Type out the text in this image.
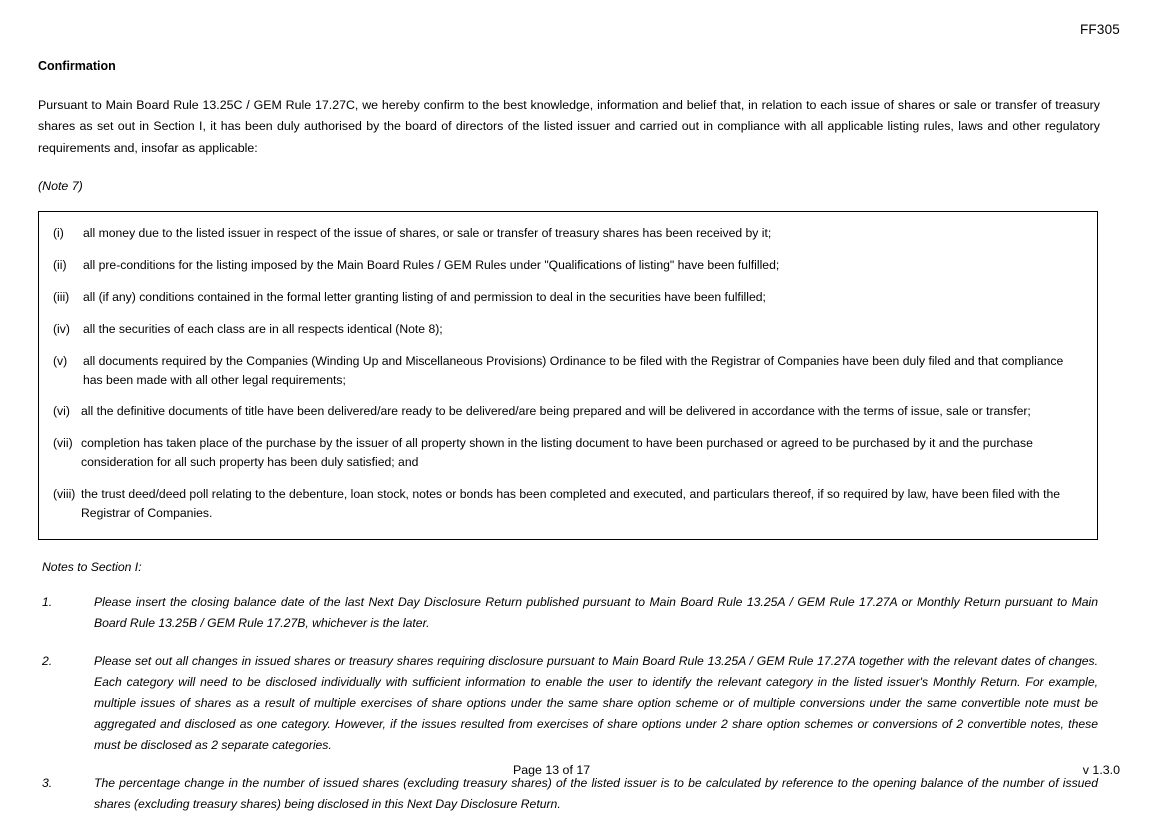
FF305
Confirmation
Pursuant to Main Board Rule 13.25C / GEM Rule 17.27C, we hereby confirm to the best knowledge, information and belief that, in relation to each issue of shares or sale or transfer of treasury shares as set out in Section I, it has been duly authorised by the board of directors of the listed issuer and carried out in compliance with all applicable listing rules, laws and other regulatory requirements and, insofar as applicable:
(Note 7)
(i)	all money due to the listed issuer in respect of the issue of shares, or sale or transfer of treasury shares has been received by it;
(ii)	all pre-conditions for the listing imposed by the Main Board Rules / GEM Rules under "Qualifications of listing" have been fulfilled;
(iii)	all (if any) conditions contained in the formal letter granting listing of and permission to deal in the securities have been fulfilled;
(iv)	all the securities of each class are in all respects identical (Note 8);
(v)	all documents required by the Companies (Winding Up and Miscellaneous Provisions) Ordinance to be filed with the Registrar of Companies have been duly filed and that compliance has been made with all other legal requirements;
(vi) all the definitive documents of title have been delivered/are ready to be delivered/are being prepared and will be delivered in accordance with the terms of issue, sale or transfer;
(vii) completion has taken place of the purchase by the issuer of all property shown in the listing document to have been purchased or agreed to be purchased by it and the purchase consideration for all such property has been duly satisfied; and
(viii) the trust deed/deed poll relating to the debenture, loan stock, notes or bonds has been completed and executed, and particulars thereof, if so required by law, have been filed with the Registrar of Companies.
Notes to Section I:
1.	Please insert the closing balance date of the last Next Day Disclosure Return published pursuant to Main Board Rule 13.25A / GEM Rule 17.27A or Monthly Return pursuant to Main Board Rule 13.25B / GEM Rule 17.27B, whichever is the later.
2.	Please set out all changes in issued shares or treasury shares requiring disclosure pursuant to Main Board Rule 13.25A / GEM Rule 17.27A together with the relevant dates of changes. Each category will need to be disclosed individually with sufficient information to enable the user to identify the relevant category in the listed issuer's Monthly Return. For example, multiple issues of shares as a result of multiple exercises of share options under the same share option scheme or of multiple conversions under the same convertible note must be aggregated and disclosed as one category. However, if the issues resulted from exercises of share options under 2 share option schemes or conversions of 2 convertible notes, these must be disclosed as 2 separate categories.
3.	The percentage change in the number of issued shares (excluding treasury shares) of the listed issuer is to be calculated by reference to the opening balance of the number of issued shares (excluding treasury shares) being disclosed in this Next Day Disclosure Return.
Page 13 of 17	v 1.3.0
